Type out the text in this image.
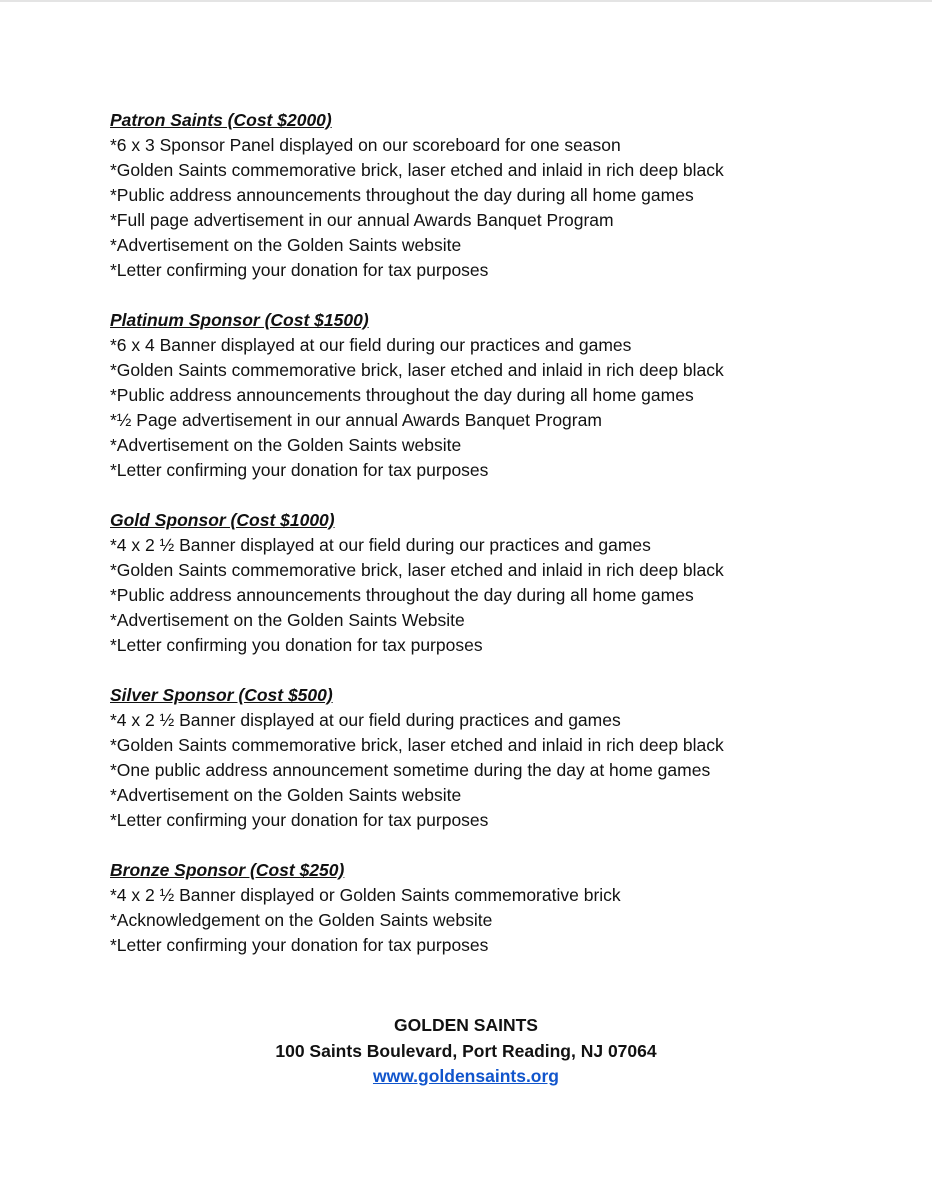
Patron Saints (Cost $2000)
*6 x 3 Sponsor Panel displayed on our scoreboard for one season
*Golden Saints commemorative brick, laser etched and inlaid in rich deep black
*Public address announcements throughout the day during all home games
*Full page advertisement in our annual Awards Banquet Program
*Advertisement on the Golden Saints website
*Letter confirming your donation for tax purposes
Platinum Sponsor (Cost $1500)
*6 x 4 Banner displayed at our field during our practices and games
*Golden Saints commemorative brick, laser etched and inlaid in rich deep black
*Public address announcements throughout the day during all home games
*½ Page advertisement in our annual Awards Banquet Program
*Advertisement on the Golden Saints website
*Letter confirming your donation for tax purposes
Gold Sponsor (Cost $1000)
*4 x 2 ½ Banner displayed at our field during our practices and games
*Golden Saints commemorative brick, laser etched and inlaid in rich deep black
*Public address announcements throughout the day during all home games
*Advertisement on the Golden Saints Website
*Letter confirming you donation for tax purposes
Silver Sponsor (Cost $500)
*4 x 2 ½ Banner displayed at our field during practices and games
*Golden Saints commemorative brick, laser etched and inlaid in rich deep black
*One public address announcement sometime during the day at home games
*Advertisement on the Golden Saints website
*Letter confirming your donation for tax purposes
Bronze Sponsor (Cost $250)
*4 x 2 ½ Banner displayed or Golden Saints commemorative brick
*Acknowledgement on the Golden Saints website
*Letter confirming your donation for tax purposes
GOLDEN SAINTS
100 Saints Boulevard, Port Reading, NJ 07064
www.goldensaints.org
